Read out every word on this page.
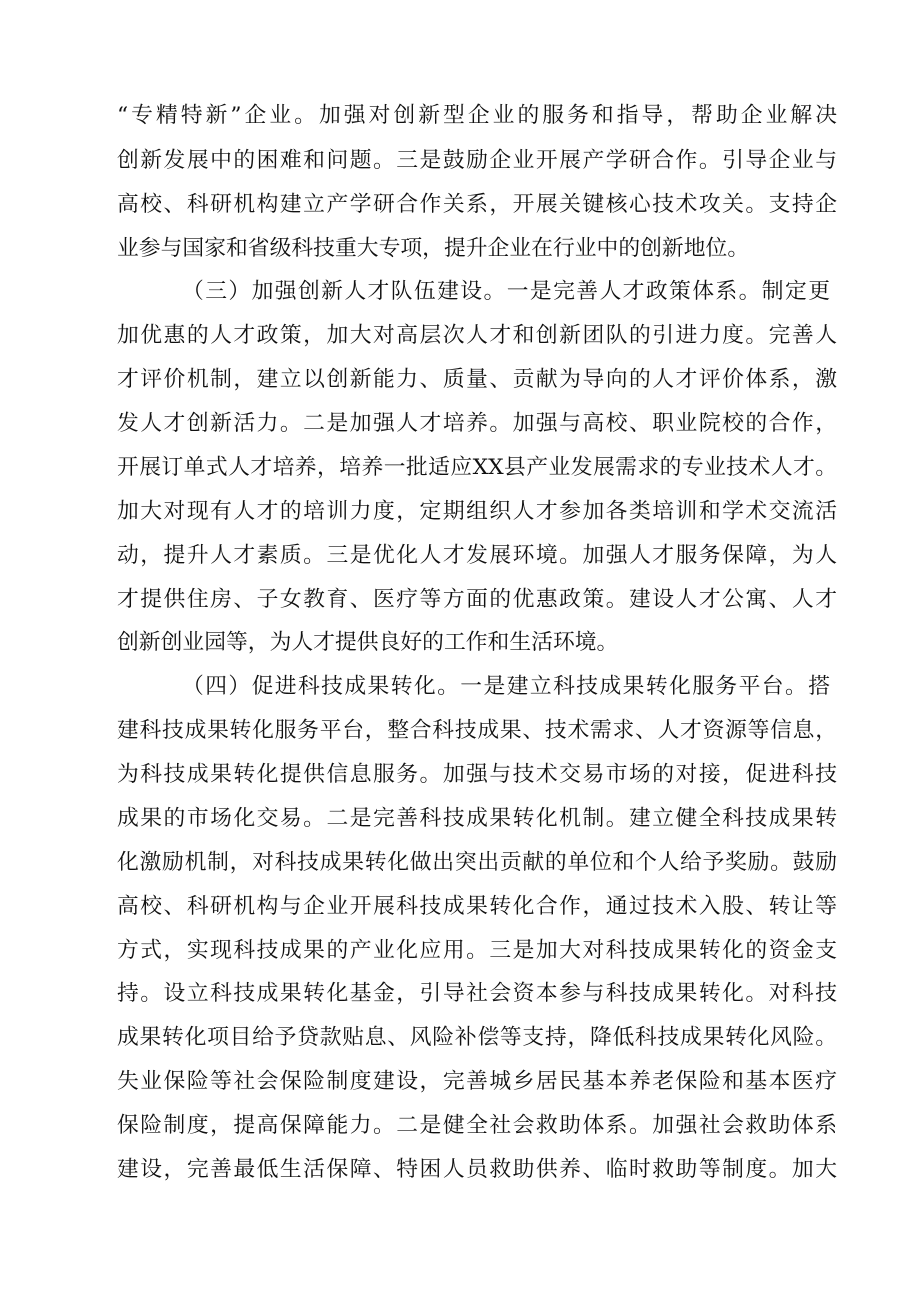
“专精特新”企业。加强对创新型企业的服务和指导，帮助企业解决
创新发展中的困难和问题。三是鼓励企业开展产学研合作。引导企业与
高校、科研机构建立产学研合作关系，开展关键核心技术攻关。支持企
业参与国家和省级科技重大专项，提升企业在行业中的创新地位。
（三）加强创新人才队伍建设。一是完善人才政策体系。制定更
加优惠的人才政策，加大对高层次人才和创新团队的引进力度。完善人
才评价机制，建立以创新能力、质量、贡献为导向的人才评价体系，激
发人才创新活力。二是加强人才培养。加强与高校、职业院校的合作，
开展订单式人才培养，培养一批适应XX县产业发展需求的专业技术人才。
加大对现有人才的培训力度，定期组织人才参加各类培训和学术交流活
动，提升人才素质。三是优化人才发展环境。加强人才服务保障，为人
才提供住房、子女教育、医疗等方面的优惠政策。建设人才公寓、人才
创新创业园等，为人才提供良好的工作和生活环境。
（四）促进科技成果转化。一是建立科技成果转化服务平台。搭
建科技成果转化服务平台，整合科技成果、技术需求、人才资源等信息，
为科技成果转化提供信息服务。加强与技术交易市场的对接，促进科技
成果的市场化交易。二是完善科技成果转化机制。建立健全科技成果转
化激励机制，对科技成果转化做出突出贡献的单位和个人给予奖励。鼓励
高校、科研机构与企业开展科技成果转化合作，通过技术入股、转让等
方式，实现科技成果的产业化应用。三是加大对科技成果转化的资金支
持。设立科技成果转化基金，引导社会资本参与科技成果转化。对科技
成果转化项目给予贷款贴息、风险补偿等支持，降低科技成果转化风险。
失业保险等社会保险制度建设，完善城乡居民基本养老保险和基本医疗
保险制度，提高保障能力。二是健全社会救助体系。加强社会救助体系
建设，完善最低生活保障、特困人员救助供养、临时救助等制度。加大
